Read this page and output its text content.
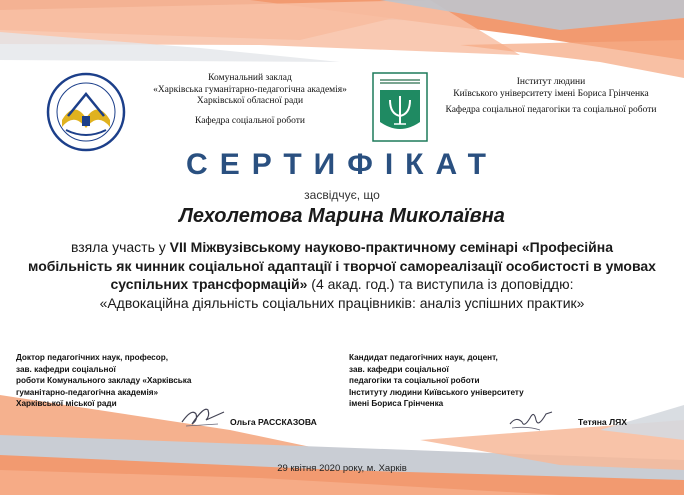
Комунальний заклад
«Харківська гуманітарно-педагогічна академія»
Харківської обласної ради
Кафедра соціальної роботи
Інститут людини
Київського університету імені Бориса Грінченка
Кафедра соціальної педагогіки та соціальної роботи
СЕРТИФІКАТ
засвідчує, що
Лехолетова Марина Миколаївна
взяла участь у VII Міжвузівському науково-практичному семінарі «Професійна мобільність як чинник соціальної адаптації і творчої самореалізації особистості в умовах суспільних трансформацій» (4 акад. год.) та виступила із доповіддю:
«Адвокаційна діяльність соціальних працівників: аналіз успішних практик»
Доктор педагогічних наук, професор,
зав. кафедри соціальної
роботи Комунального закладу «Харківська
гуманітарно-педагогічна академія»
Харківської міської ради
Ольга РАССКАЗОВА
Кандидат педагогічних наук, доцент,
зав. кафедри соціальної
педагогіки та соціальної роботи
Інституту людини Київського університету
імені Бориса Грінченка
Тетяна ЛЯХ
29 квітня 2020 року, м. Харків
